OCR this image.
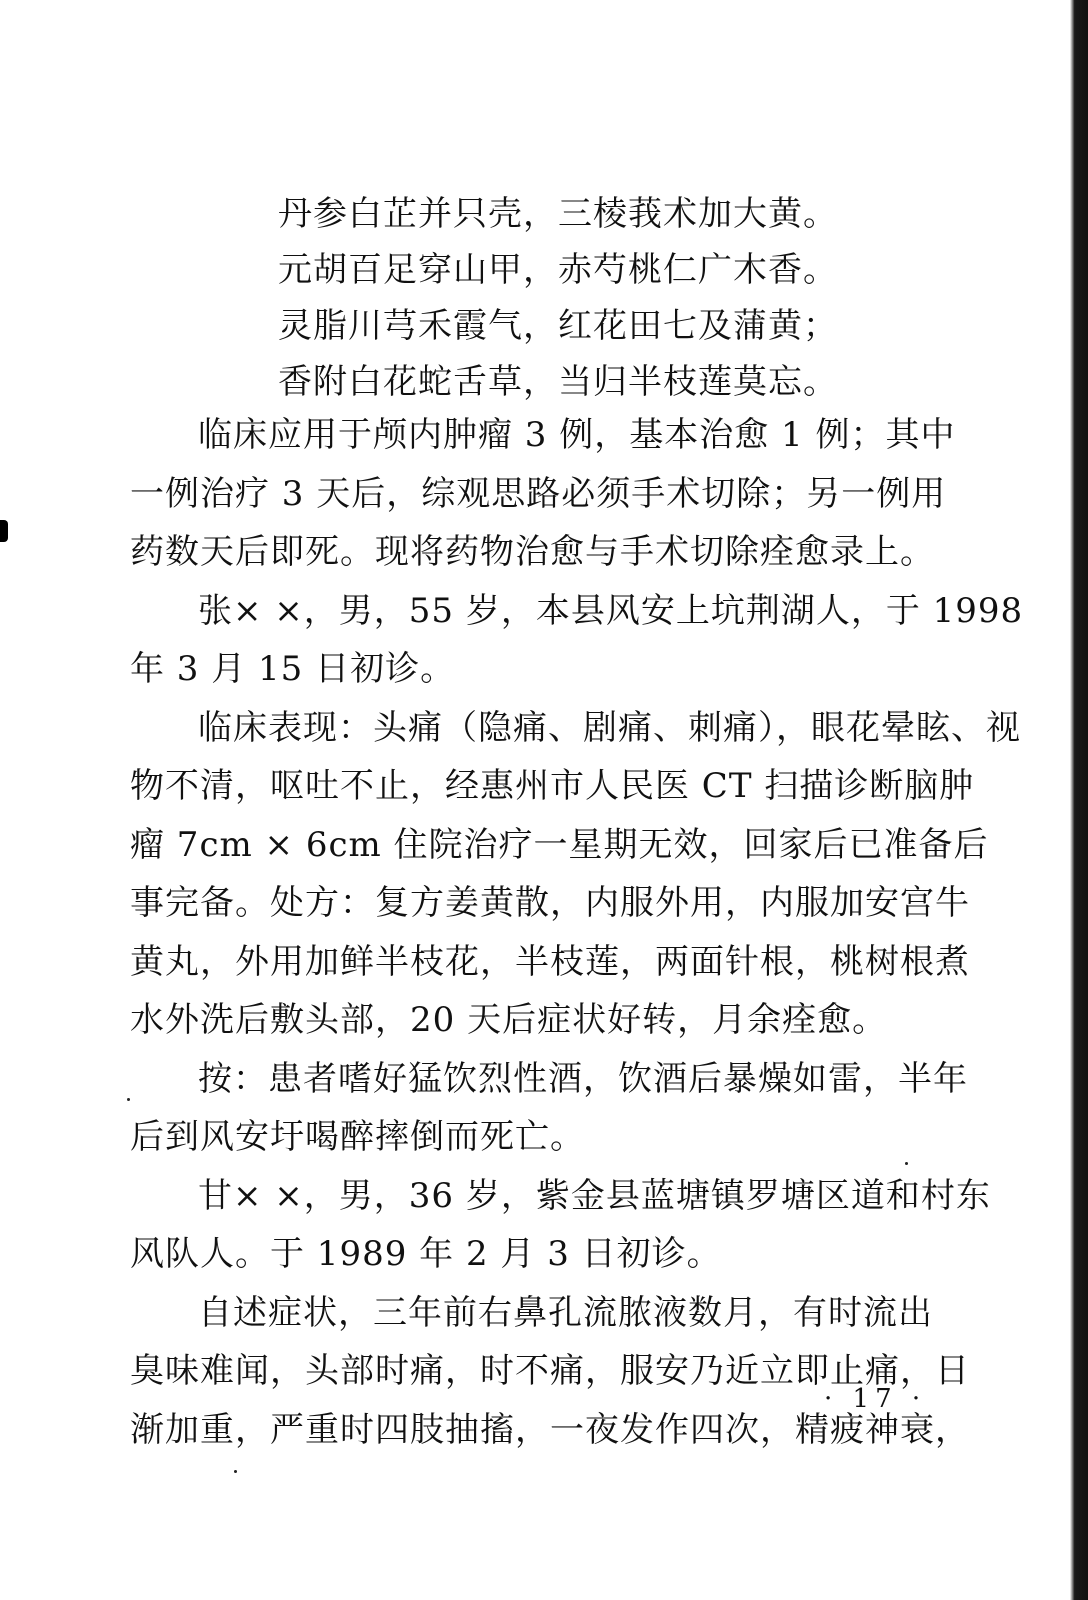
丹参白芷并只壳，三棱莪术加大黄。
元胡百足穿山甲，赤芍桃仁广木香。
灵脂川芎禾霞气，红花田七及蒲黄；
香附白花蛇舌草，当归半枝莲莫忘。
临床应用于颅内肿瘤 3 例，基本治愈 1 例；其中
一例治疗 3 天后，综观思路必须手术切除；另一例用
药数天后即死。现将药物治愈与手术切除痊愈录上。
张× ×，男，55 岁，本县风安上坑荆湖人，于 1998
年 3 月 15 日初诊。
临床表现：头痛（隐痛、剧痛、刺痛），眼花晕眩、视
物不清，呕吐不止，经惠州市人民医 CT 扫描诊断脑肿
瘤 7cm × 6cm 住院治疗一星期无效，回家后已准备后
事完备。处方：复方姜黄散，内服外用，内服加安宫牛
黄丸，外用加鲜半枝花，半枝莲，两面针根，桃树根煮
水外洗后敷头部，20 天后症状好转，月余痊愈。
按：患者嗜好猛饮烈性酒，饮酒后暴燥如雷，半年
后到风安圩喝醉摔倒而死亡。
甘× ×，男，36 岁，紫金县蓝塘镇罗塘区道和村东
风队人。于 1989 年 2 月 3 日初诊。
自述症状，三年前右鼻孔流脓液数月，有时流出
臭味难闻，头部时痛，时不痛，服安乃近立即止痛，日
渐加重，严重时四肢抽搐，一夜发作四次，精疲神衰，
· 17 ·
